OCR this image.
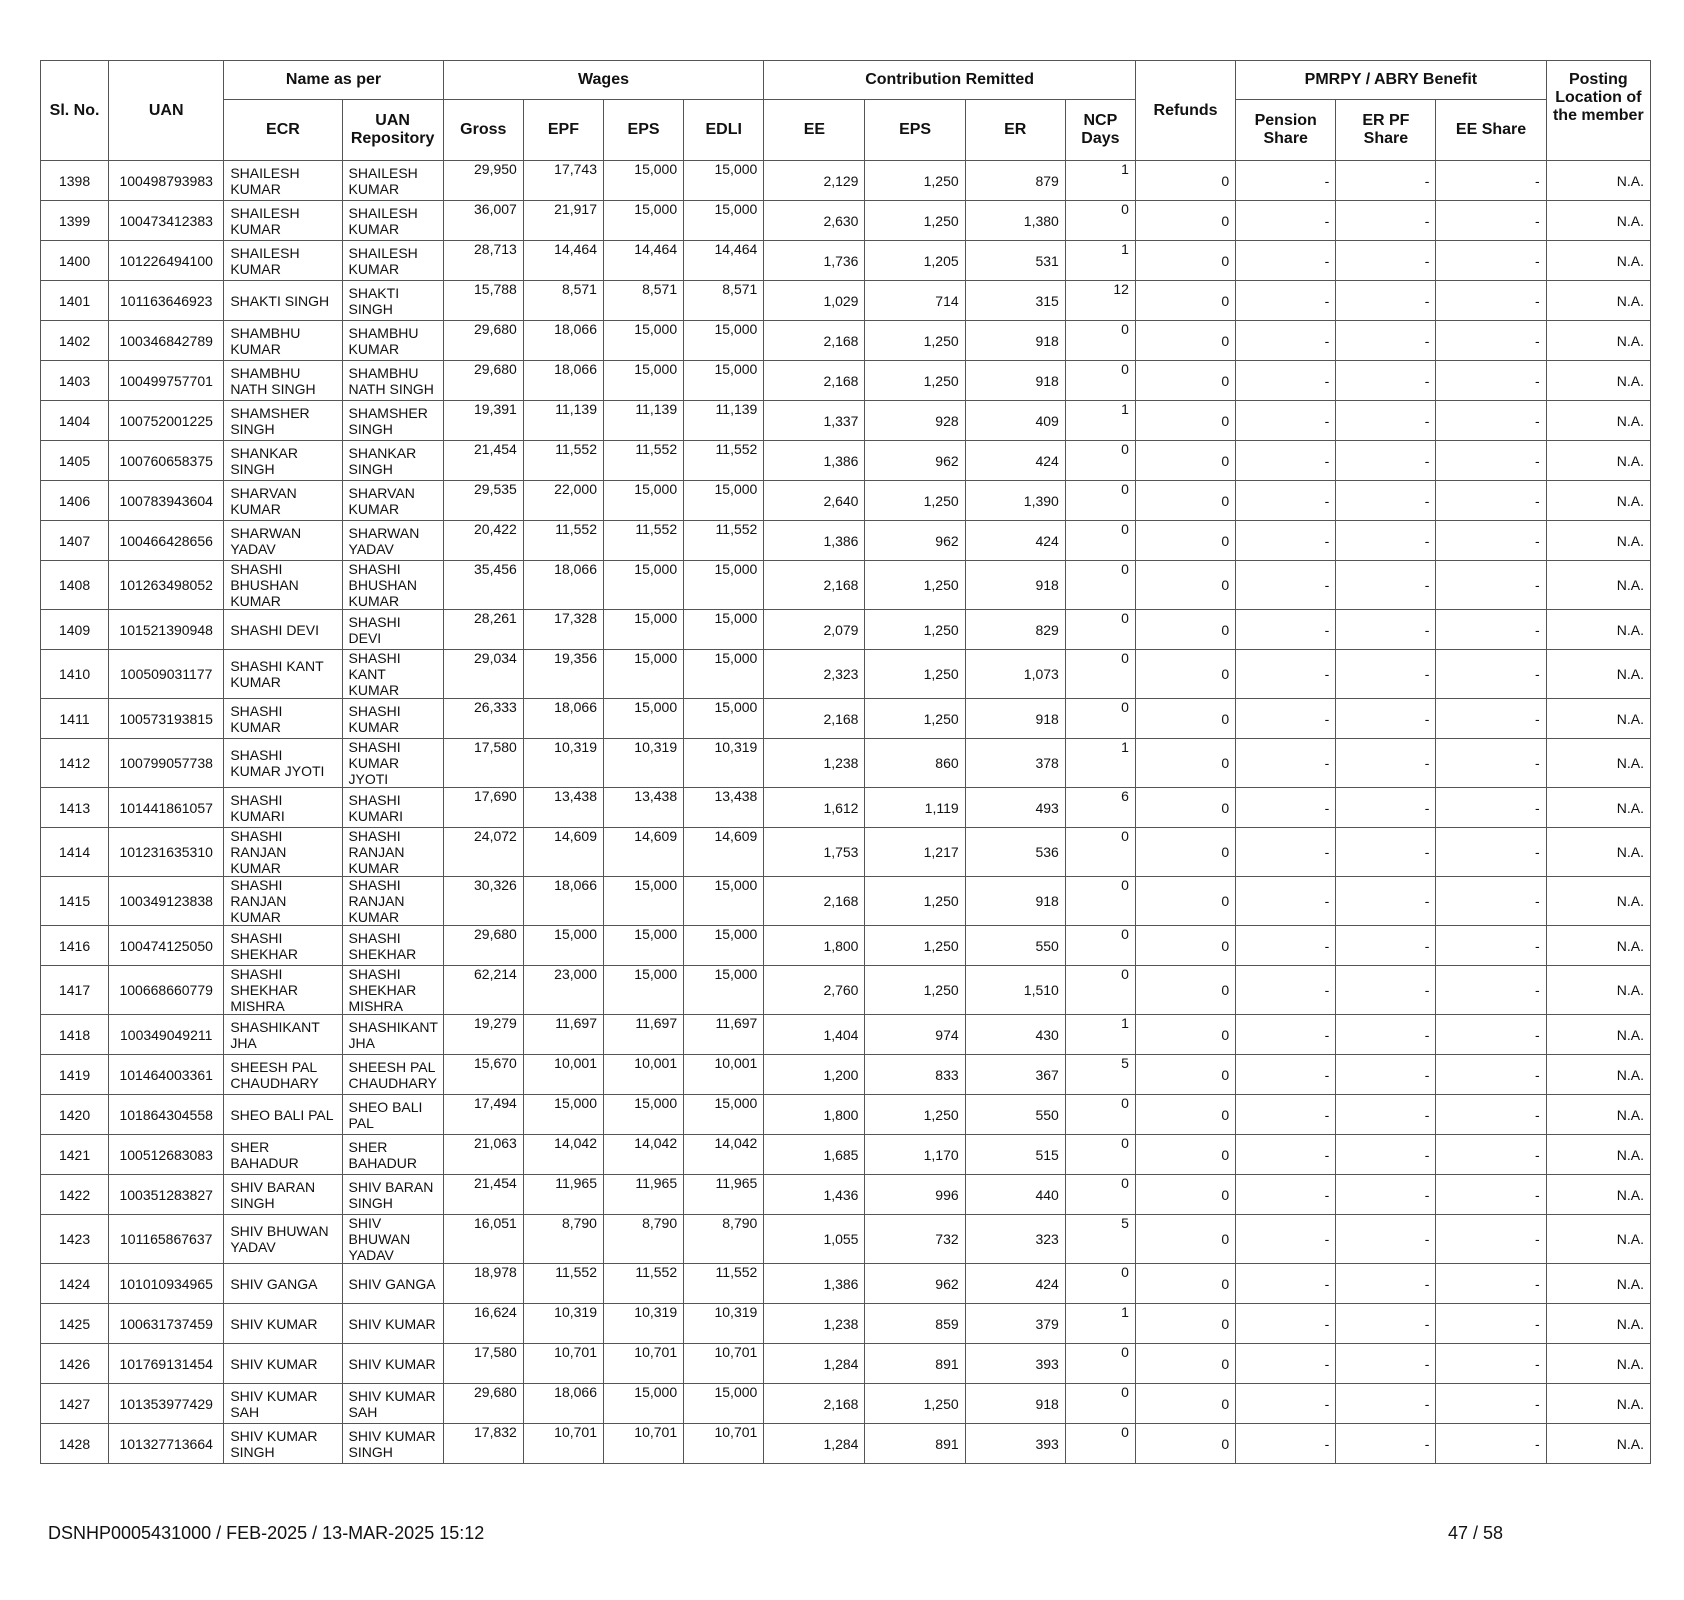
Sl. No.	UAN	Name as per		Wages				Contribution Remitted				Refunds	PMRPY / ABRY Benefit			Posting Location of the member
		ECR	UAN Repository	Gross	EPF	EPS	EDLI	EE	EPS	ER	NCP Days		Pension Share	ER PF Share	EE Share	
1398	100498793983	SHAILESH KUMAR	SHAILESH KUMAR	29,950	17,743	15,000	15,000	2,129	1,250	879	1	0	-	-	-	N.A.
1399	100473412383	SHAILESH KUMAR	SHAILESH KUMAR	36,007	21,917	15,000	15,000	2,630	1,250	1,380	0	0	-	-	-	N.A.
1400	101226494100	SHAILESH KUMAR	SHAILESH KUMAR	28,713	14,464	14,464	14,464	1,736	1,205	531	1	0	-	-	-	N.A.
1401	101163646923	SHAKTI SINGH	SHAKTI SINGH	15,788	8,571	8,571	8,571	1,029	714	315	12	0	-	-	-	N.A.
1402	100346842789	SHAMBHU KUMAR	SHAMBHU KUMAR	29,680	18,066	15,000	15,000	2,168	1,250	918	0	0	-	-	-	N.A.
1403	100499757701	SHAMBHU NATH SINGH	SHAMBHU NATH SINGH	29,680	18,066	15,000	15,000	2,168	1,250	918	0	0	-	-	-	N.A.
1404	100752001225	SHAMSHER SINGH	SHAMSHER SINGH	19,391	11,139	11,139	11,139	1,337	928	409	1	0	-	-	-	N.A.
1405	100760658375	SHANKAR SINGH	SHANKAR SINGH	21,454	11,552	11,552	11,552	1,386	962	424	0	0	-	-	-	N.A.
1406	100783943604	SHARVAN KUMAR	SHARVAN KUMAR	29,535	22,000	15,000	15,000	2,640	1,250	1,390	0	0	-	-	-	N.A.
1407	100466428656	SHARWAN YADAV	SHARWAN YADAV	20,422	11,552	11,552	11,552	1,386	962	424	0	0	-	-	-	N.A.
1408	101263498052	SHASHI BHUSHAN KUMAR	SHASHI BHUSHAN KUMAR	35,456	18,066	15,000	15,000	2,168	1,250	918	0	0	-	-	-	N.A.
1409	101521390948	SHASHI DEVI	SHASHI DEVI	28,261	17,328	15,000	15,000	2,079	1,250	829	0	0	-	-	-	N.A.
1410	100509031177	SHASHI KANT KUMAR	SHASHI KANT KUMAR	29,034	19,356	15,000	15,000	2,323	1,250	1,073	0	0	-	-	-	N.A.
1411	100573193815	SHASHI KUMAR	SHASHI KUMAR	26,333	18,066	15,000	15,000	2,168	1,250	918	0	0	-	-	-	N.A.
1412	100799057738	SHASHI KUMAR JYOTI	SHASHI KUMAR JYOTI	17,580	10,319	10,319	10,319	1,238	860	378	1	0	-	-	-	N.A.
1413	101441861057	SHASHI KUMARI	SHASHI KUMARI	17,690	13,438	13,438	13,438	1,612	1,119	493	6	0	-	-	-	N.A.
1414	101231635310	SHASHI RANJAN KUMAR	SHASHI RANJAN KUMAR	24,072	14,609	14,609	14,609	1,753	1,217	536	0	0	-	-	-	N.A.
1415	100349123838	SHASHI RANJAN KUMAR	SHASHI RANJAN KUMAR	30,326	18,066	15,000	15,000	2,168	1,250	918	0	0	-	-	-	N.A.
1416	100474125050	SHASHI SHEKHAR	SHASHI SHEKHAR	29,680	15,000	15,000	15,000	1,800	1,250	550	0	0	-	-	-	N.A.
1417	100668660779	SHASHI SHEKHAR MISHRA	SHASHI SHEKHAR MISHRA	62,214	23,000	15,000	15,000	2,760	1,250	1,510	0	0	-	-	-	N.A.
1418	100349049211	SHASHIKANT JHA	SHASHIKANT JHA	19,279	11,697	11,697	11,697	1,404	974	430	1	0	-	-	-	N.A.
1419	101464003361	SHEESH PAL CHAUDHARY	SHEESH PAL CHAUDHARY	15,670	10,001	10,001	10,001	1,200	833	367	5	0	-	-	-	N.A.
1420	101864304558	SHEO BALI PAL	SHEO BALI PAL	17,494	15,000	15,000	15,000	1,800	1,250	550	0	0	-	-	-	N.A.
1421	100512683083	SHER BAHADUR	SHER BAHADUR	21,063	14,042	14,042	14,042	1,685	1,170	515	0	0	-	-	-	N.A.
1422	100351283827	SHIV BARAN SINGH	SHIV BARAN SINGH	21,454	11,965	11,965	11,965	1,436	996	440	0	0	-	-	-	N.A.
1423	101165867637	SHIV BHUWAN YADAV	SHIV BHUWAN YADAV	16,051	8,790	8,790	8,790	1,055	732	323	5	0	-	-	-	N.A.
1424	101010934965	SHIV GANGA	SHIV GANGA	18,978	11,552	11,552	11,552	1,386	962	424	0	0	-	-	-	N.A.
1425	100631737459	SHIV KUMAR	SHIV KUMAR	16,624	10,319	10,319	10,319	1,238	859	379	1	0	-	-	-	N.A.
1426	101769131454	SHIV KUMAR	SHIV KUMAR	17,580	10,701	10,701	10,701	1,284	891	393	0	0	-	-	-	N.A.
1427	101353977429	SHIV KUMAR SAH	SHIV KUMAR SAH	29,680	18,066	15,000	15,000	2,168	1,250	918	0	0	-	-	-	N.A.
1428	101327713664	SHIV KUMAR SINGH	SHIV KUMAR SINGH	17,832	10,701	10,701	10,701	1,284	891	393	0	0	-	-	-	N.A.
DSNHP0005431000 / FEB-2025 / 13-MAR-2025 15:12	47 / 58
